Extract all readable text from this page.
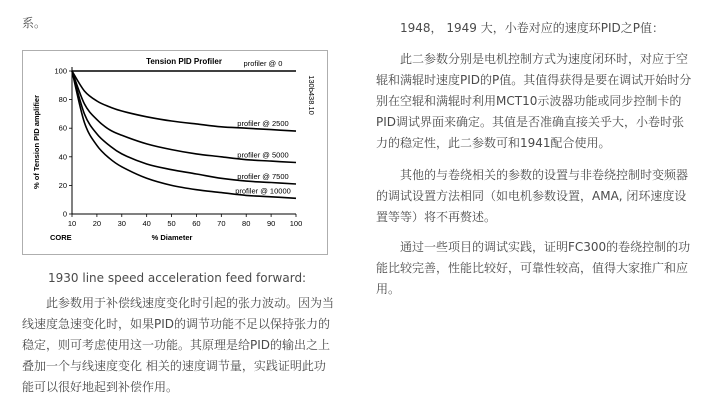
系。
Tension PID Profiler
% of Tension PID amplifier
% Diameter
CORE
130b438.10
0
20
40
60
80
100
10 20 30 40 50 60 70 80 90 100
profiler @ 0
profiler @ 2500
profiler @ 5000
profiler @ 7500
profiler @ 10000
1930 line speed acceleration feed forward:
此参数用于补偿线速度变化时引起的张力波动。因为当
线速度急速变化时，如果PID的调节功能不足以保持张力的
稳定，则可考虑使用这一功能。其原理是给PID的输出之上
叠加一个与线速度变化 相关的速度调节量，实践证明此功
能可以很好地起到补偿作用。
1948， 1949 大，小卷对应的速度环PID之P值：
此二参数分别是电机控制方式为速度闭环时，对应于空
辊和满辊时速度PID的P值。其值得获得是要在调试开始时分
别在空辊和满辊时利用MCT10示波器功能或同步控制卡的
PID调试界面来确定。其值是否准确直接关乎大，小卷时张
力的稳定性，此二参数可和1941配合使用。
其他的与卷绕相关的参数的设置与非卷绕控制时变频器
的调试设置方法相同（如电机参数设置，AMA, 闭环速度设
置等等）将不再赘述。
通过一些项目的调试实践，证明FC300的卷绕控制的功
能比较完善，性能比较好，可靠性较高，值得大家推广和应
用。
